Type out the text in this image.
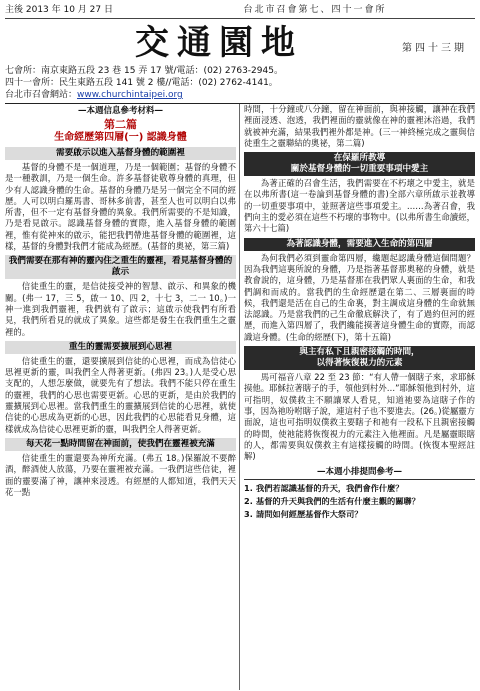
主後 2013 年 10 月 27 日	台北市召會第七、四十一會所
交通園地	第四十三期
七會所：南京東路五段 23 巷 15 弄 17 號/電話：(02) 2763-2945。
四十一會所：民生東路五段 141 號 2 樓//電話：(02) 2762-4141。
台北市召會網站：www.churchintaipei.org
—本週信息參考材料—
第二篇
生命經歷第四層(一) 認識身體
需要啟示以進入基督身體的範圍裡

基督的身體不是一個道理，乃是一個範圍；基督的身體不是一種教訓，乃是一個生命。許多基督徒敬尊身體的真理，但少有人認識身體的生命。基督的身體乃是另一個完全不同的經歷。人可以明白羅馬書、哥林多前書，甚至人也可以明白以弗所書，但不一定有基督身體的異象。我們所需要的不是知識，乃是看見啟示。認識基督身體的實際，進入基督身體的範圍裡，惟有從神來的啟示，能把我們帶進基督身體的範圍裡，這樣，基督的身體對我們才能成為經歷。(基督的奧祕，第三篇)

我們需要在那有神的靈內住之重生的靈裡，看見基督身體的啟示

信徒重生的靈，是信徒接受神的智慧、啟示、和異象的機關。(弗一 17，三 5，啟一 10、四 2，十七 3，二一 10。)一神一進到我們靈裡，我們就有了啟示；這啟示使我們有所看見，我們所看見的就成了異象。這些都是發生在我們重生之靈裡的。

重生的靈需要擴展到心思裡

信徒重生的靈，還要擴展到信徒的心思裡，而成為信徒心思裡更新的靈，叫我們全人得著更新。(弗四 23。)人是受心思支配的，人想怎麼做，就要先有了想法。我們不能只停在重生的靈裡，我們的心思也需要更新。心思的更新，是由於我們的靈擴展到心思裡。當我們重生的靈擴展到信徒的心思裡，就使信徒的心思成為更新的心思，因此我們的心思能看見身體，這樣就成為信徒心思裡更新的靈，叫我們全人得著更新。

每天花一點時間留在神面前，使我們在靈裡被充滿

信徒重生的靈還要為神所充滿。(弗五 18。)保羅說不要醉酒，醉酒使人放蕩，乃要在靈裡被充滿。一我們這些信徒，裡面的靈要滿了神，讓神來浸透。有經歷的人都知道，我們天天花一點

時間，十分鐘或八分鐘，留在神面前，與神接觸，讓神在我們裡面浸透、泡透，我們裡面的靈就像在神的靈裡沐浴過，我們就被神充滿，結果我們裡外都是神。(三一神終極完成之靈與信徒重生之靈聯結的奧祕，第二篇)

在保羅所教導
關於基督身體的一切重要事項中愛主

為著正確的召會生活，我們需要在不朽壞之中愛主，就是在以弗所書(這一卷論到基督身體的書)全部六章所啟示並教導的一切重要事項中，並照著這些事項愛主。……為著召會，我們向主的愛必須在這些不朽壞的事物中。(以弗所書生命讀經，第六十七篇)

為著認識身體，需要進入生命的第四層

為何我們必須到靈命第四層，纔題起認識身體這個問題？因為我們這裏所說的身體，乃是指著基督那奧秘的身體，就是教會說的，這身體，乃是基督那在我們眾人裏面的生命，和我們調和而成的。當我們的生命經歷還在第二、三層裏面的時候，我們還是活在自己的生命裏，對主調成這身體的生命就無法認識。乃是當我們的己生命徹底解決了，有了過約但河的經歷，而進入第四層了，我們纔能摸著這身體生命的實際，而認識這身體。(生命的經歷(下)，第十五篇)

與主有私下且親密接觸的時間，
以得著恢復視力的元素

馬可福音八章 22 至 23 節：“有人帶一個瞎子來，求耶穌摸他。耶穌拉著瞎子的手，領他到村外…”耶穌領他到村外，這可指明，奴僕救主不願讓眾人看見，知道祂要為這瞎子作的事，因為祂吩咐瞎子說，連這村子也不要進去。(26。)從屬靈方面說，這也可指明奴僕救主要瞎子和祂有一段私下且親密接觸的時間，使祂能將恢復視力的元素注入他裡面。凡是屬靈眼瞎的人，都需要與奴僕救主有這樣接觸的時間。(恢復本聖經註解)

—本週小排提問參考—
1. 我們若認識基督的升天，我們會作什麼？
2. 基督的升天與我們的生活有什麼主觀的關聯？
3. 請問如何經歷基督作大祭司？
